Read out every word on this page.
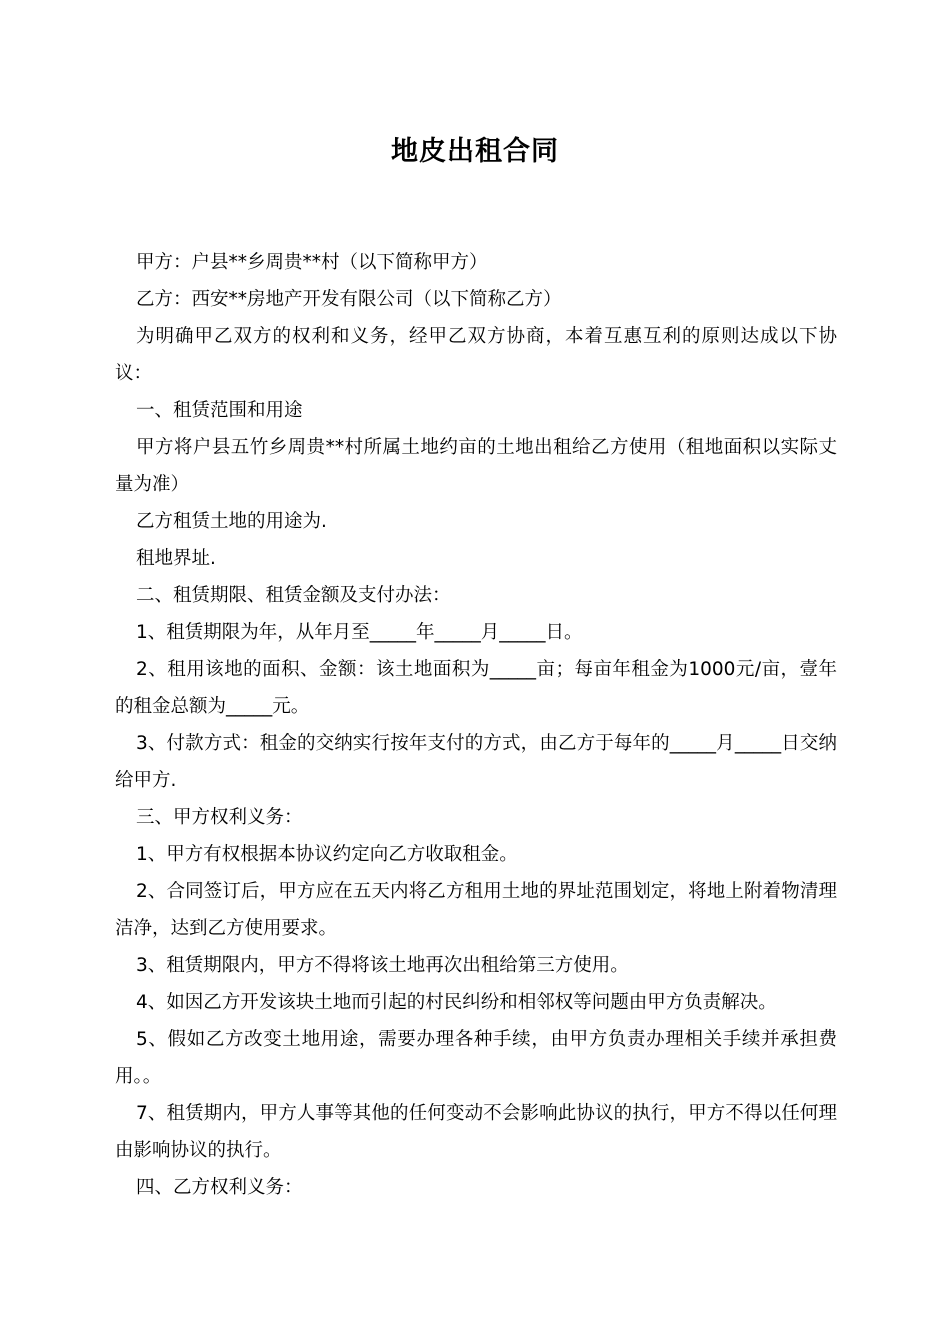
地皮出租合同

甲方：户县**乡周贵**村（以下简称甲方）

乙方：西安**房地产开发有限公司（以下简称乙方）

为明确甲乙双方的权利和义务，经甲乙双方协商，本着互惠互利的原则达成以下协议：

一、租赁范围和用途

甲方将户县五竹乡周贵**村所属土地约亩的土地出租给乙方使用（租地面积以实际丈量为准）

乙方租赁土地的用途为.

租地界址.

二、租赁期限、租赁金额及支付办法：

1、租赁期限为年，从年月至_____年_____月_____日。

2、租用该地的面积、金额：该土地面积为_____亩；每亩年租金为1000元/亩，壹年的租金总额为_____元。

3、付款方式：租金的交纳实行按年支付的方式，由乙方于每年的_____月_____日交纳给甲方.

三、甲方权利义务：

1、甲方有权根据本协议约定向乙方收取租金。

2、合同签订后，甲方应在五天内将乙方租用土地的界址范围划定，将地上附着物清理洁净，达到乙方使用要求。

3、租赁期限内，甲方不得将该土地再次出租给第三方使用。

4、如因乙方开发该块土地而引起的村民纠纷和相邻权等问题由甲方负责解决。

5、假如乙方改变土地用途，需要办理各种手续，由甲方负责办理相关手续并承担费用。。

7、租赁期内，甲方人事等其他的任何变动不会影响此协议的执行，甲方不得以任何理由影响协议的执行。

四、乙方权利义务：
